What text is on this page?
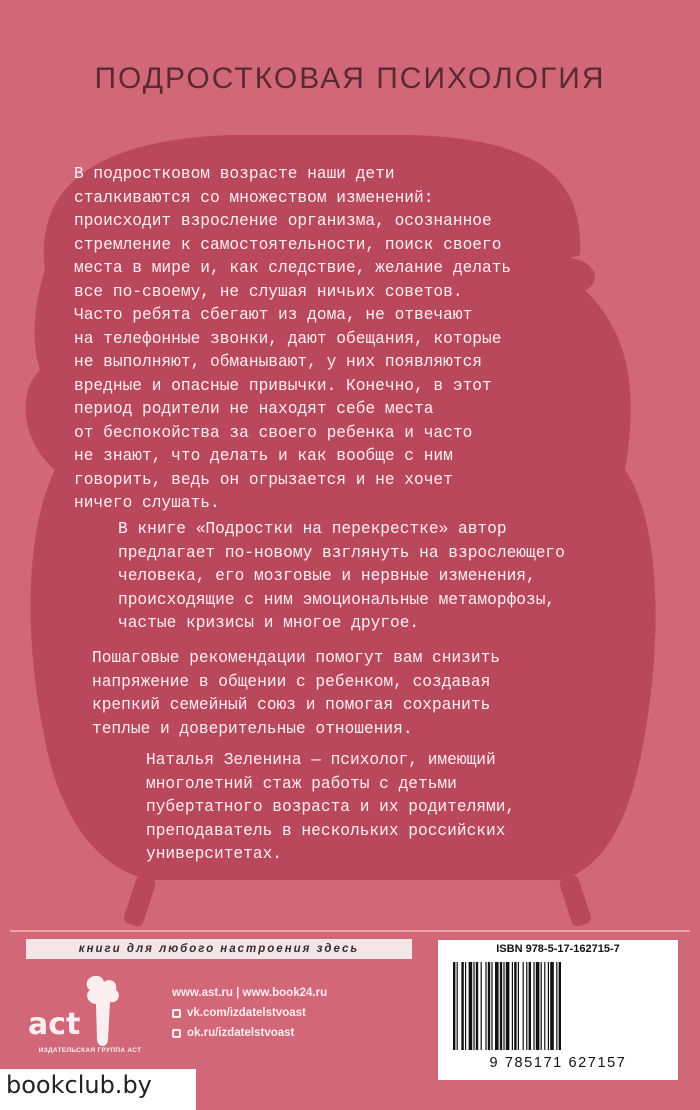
ПОДРОСТКОВАЯ ПСИХОЛОГИЯ

В подростковом возрасте наши дети
сталкиваются со множеством изменений:
происходит взросление организма, осознанное
стремление к самостоятельности, поиск своего
места в мире и, как следствие, желание делать
все по-своему, не слушая ничьих советов.
Часто ребята сбегают из дома, не отвечают
на телефонные звонки, дают обещания, которые
не выполняют, обманывают, у них появляются
вредные и опасные привычки. Конечно, в этот
период родители не находят себе места
от беспокойства за своего ребенка и часто
не знают, что делать и как вообще с ним
говорить, ведь он огрызается и не хочет
ничего слушать.

В книге «Подростки на перекрестке» автор
предлагает по-новому взглянуть на взрослеющего
человека, его мозговые и нервные изменения,
происходящие с ним эмоциональные метаморфозы,
частые кризисы и многое другое.

Пошаговые рекомендации помогут вам снизить
напряжение в общении с ребенком, создавая
крепкий семейный союз и помогая сохранить
теплые и доверительные отношения.

Наталья Зеленина — психолог, имеющий
многолетний стаж работы с детьми
пубертатного возраста и их родителями,
преподаватель в нескольких российских
университетах.

книги для любого настроения здесь
act
ИЗДАТЕЛЬСКАЯ ГРУППА АСТ
www.ast.ru | www.book24.ru
vk.com/izdatelstvoast
ok.ru/izdatelstvoast
ISBN 978-5-17-162715-7
9 785171 627157
bookclub.by
